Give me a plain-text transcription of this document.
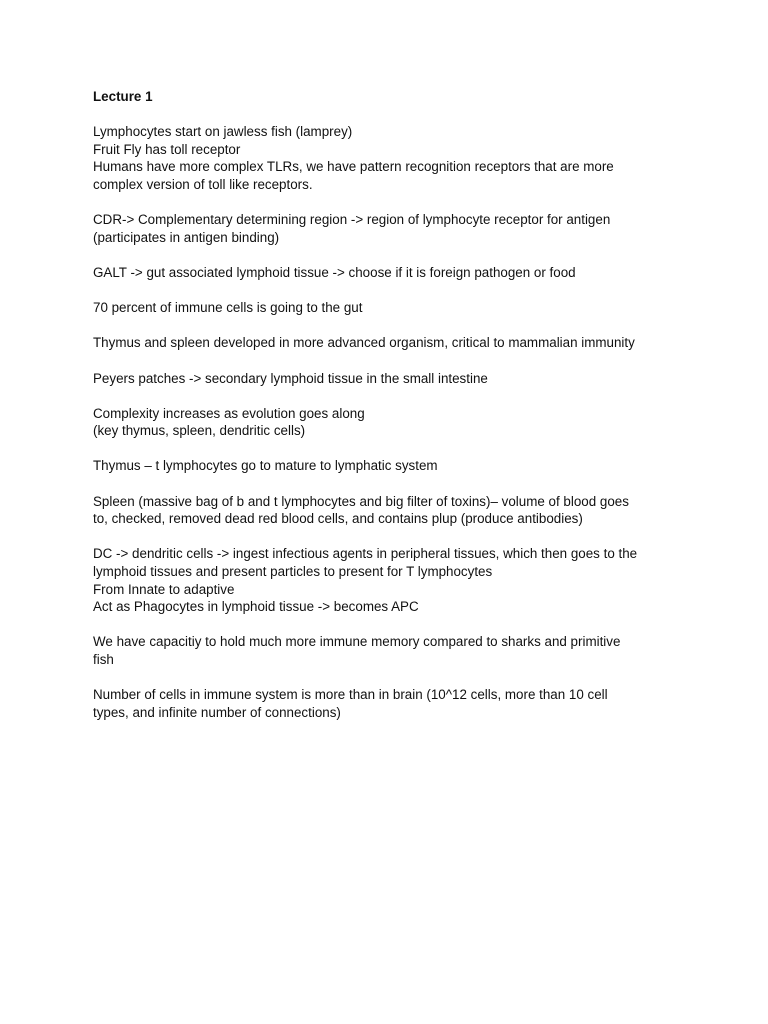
Lecture 1
Lymphocytes start on jawless fish (lamprey)
Fruit Fly has toll receptor
Humans have more complex TLRs, we have pattern recognition receptors that are more
complex version of toll like receptors.
CDR-> Complementary determining region -> region of lymphocyte receptor for antigen
(participates in antigen binding)
GALT -> gut associated lymphoid tissue -> choose if it is foreign pathogen or food
70 percent of immune cells is going to the gut
Thymus and spleen developed in more advanced organism, critical to mammalian immunity
Peyers patches -> secondary lymphoid tissue in the small intestine
Complexity increases as evolution goes along
(key thymus, spleen, dendritic cells)
Thymus – t lymphocytes go to mature to lymphatic system
Spleen (massive bag of b and t lymphocytes and big filter of toxins)– volume of blood goes
to, checked, removed dead red blood cells, and contains plup (produce antibodies)
DC -> dendritic cells -> ingest infectious agents in peripheral tissues, which then goes to the
lymphoid tissues and present particles to present for T lymphocytes
From Innate to adaptive
Act as Phagocytes in lymphoid tissue -> becomes APC
We have capacitiy to hold much more immune memory compared to sharks and primitive
fish
Number of cells in immune system is more than in brain (10^12 cells, more than 10 cell
types, and infinite number of connections)
